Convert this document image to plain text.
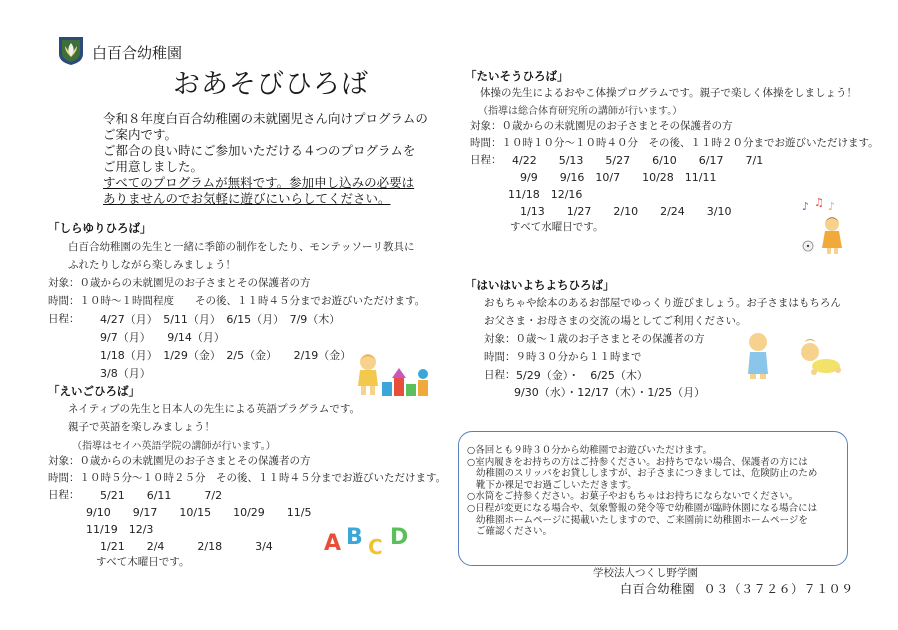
白百合幼稚園
おあそびひろば
令和８年度白百合幼稚園の未就園児さん向けプログラムの
ご案内です。
ご都合の良い時にご参加いただける４つのプログラムを
ご用意しました。
すべてのプログラムが無料です。参加申し込みの必要は
ありませんのでお気軽に遊びにいらしてください。
「しらゆりひろば」
白百合幼稚園の先生と一緒に季節の制作をしたり、モンテッソーリ教具に
ふれたりしながら楽しみましょう！
対象：０歳からの未就園児のお子さまとその保護者の方
時間：１０時～１時間程度　　その後、１１時４５分までお遊びいただけます。
日程： 4/27（月）　5/11（月）　6/15（月）　7/9（木）
9/7（月）　　9/14（月）
1/18（月）　1/29（金）　2/5（金）　　2/19（金）
3/8（月）
「えいごひろば」
ネイティブの先生と日本人の先生による英語プラグラムです。
親子で英語を楽しみましょう！
（指導はセイハ英語学院の講師が行います。）
対象：０歳からの未就園児のお子さまとその保護者の方
時間：１０時５分～１０時２５分　その後、１１時４５分までお遊びいただけます。
日程： 5/21　　6/11　　　7/2
9/10　　9/17　　10/15　　10/29　　11/5
11/19　12/3
1/21　　2/4　　　2/18　　　3/4
すべて木曜日です。
A B C D
「たいそうひろば」
体操の先生によるおやこ体操プログラムです。親子で楽しく体操をしましょう！
（指導は総合体育研究所の講師が行います。）
対象：０歳からの未就園児のお子さまとその保護者の方
時間：１０時１０分～１０時４０分　その後、１１時２０分までお遊びいただけます。
日程： 4/22　　5/13　　5/27　　6/10　　6/17　　7/1
9/9　　9/16　10/7　　10/28　11/11
11/18　12/16
1/13　　1/27　　2/10　　2/24　　3/10
すべて水曜日です。
♪ ♫ ♪
「はいはいよちよちひろば」
おもちゃや絵本のあるお部屋でゆっくり遊びましょう。お子さまはもちろん
お父さま・お母さまの交流の場としてご利用ください。
対象：０歳～１歳のお子さまとその保護者の方
時間：９時３０分から１１時まで
日程： 5/29（金）・　6/25（木）
9/30（水）・12/17（木）・1/25（月）
○各回とも９時３０分から幼稚園でお遊びいただけます。
○室内履きをお持ちの方はご持参ください。お持ちでない場合、保護者の方には
幼稚園のスリッパをお貸ししますが、お子さまにつきましては、危険防止のため
靴下か裸足でお過ごしいただきます。
○水筒をご持参ください。お菓子やおもちゃはお持ちにならないでください。
○日程が変更になる場合や、気象警報の発令等で幼稚園が臨時休園になる場合には
幼稚園ホームページに掲載いたしますので、ご来園前に幼稚園ホームページを
ご確認ください。
学校法人つくし野学園
白百合幼稚園 ０３（３７２６）７１０９
